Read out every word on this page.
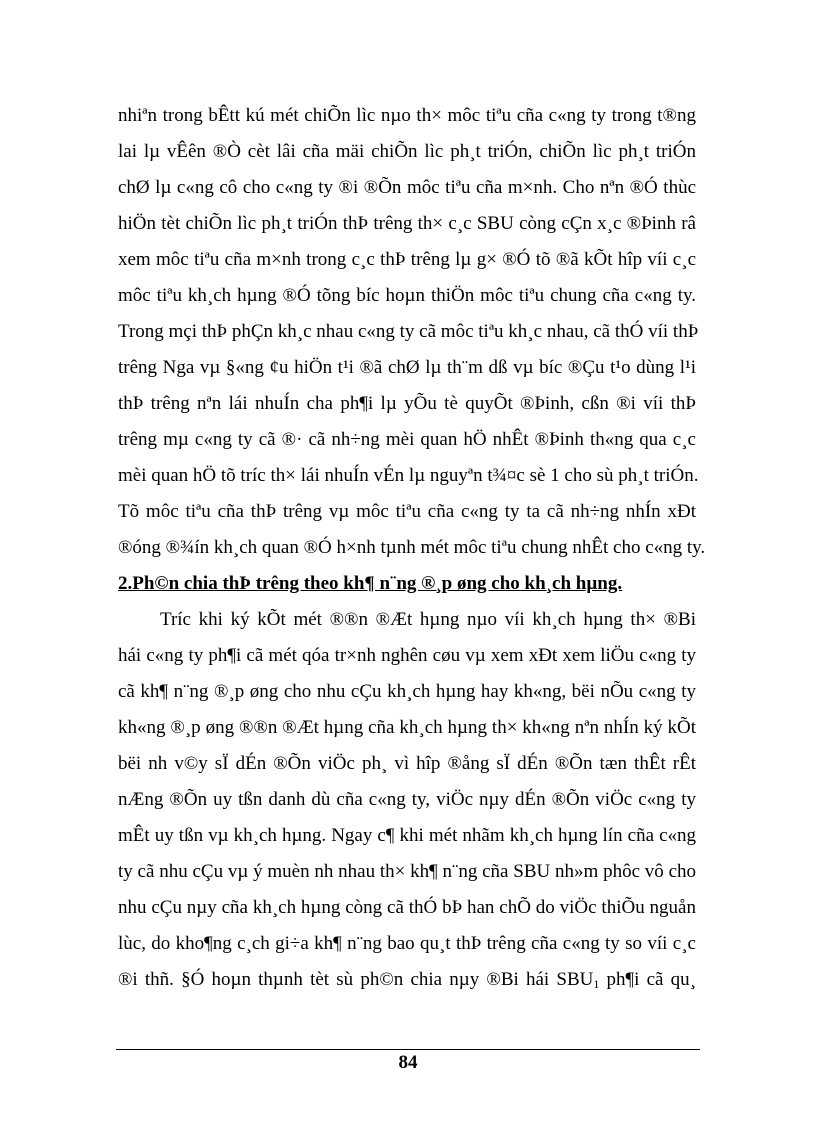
nhiªn trong bÊtt kú mét chiÕn lìc nµo th× môc tiªu cña c«ng ty trong t®ng
lai lµ vÊên ®Ò cèt lâi cña mäi chiÕn lìc ph¸t triÓn, chiÕn lìc ph¸t triÓn
chØ lµ c«ng cô cho c«ng ty ®i ®Õn môc tiªu cña m×nh. Cho nªn ®Ó thùc
hiÖn tèt chiÕn lìc ph¸t triÓn thÞ trêng th× c¸c SBU còng cÇn x¸c ®Þinh râ
xem môc tiªu cña m×nh trong c¸c thÞ trêng lµ g× ®Ó tõ ®ã kÕt hîp víi c¸c
môc tiªu kh¸ch hµng ®Ó tõng bíc hoµn thiÖn môc tiªu chung cña c«ng ty.
Trong mçi thÞ phÇn kh¸c nhau c«ng ty cã môc tiªu kh¸c nhau, cã thÓ víi thÞ
trêng Nga vµ §«ng ¢u hiÖn t¹i ®ã chØ lµ th¨m dß vµ bíc ®Çu t¹o dùng l¹i
thÞ trêng nªn lái nhuÍn cha ph¶i lµ yÕu tè quyÕt ®Þinh, cßn ®i víi thÞ
trêng mµ c«ng ty cã ®· cã nh÷ng mèi quan hÖ nhÊt ®Þinh th«ng qua c¸c
mèi quan hÖ tõ tríc th× lái nhuÍn vÉn lµ nguyªn t¾¤c sè 1 cho sù ph¸t triÓn.
Tõ môc tiªu cña thÞ trêng vµ môc tiªu cña c«ng ty ta cã nh÷ng nhÍn xÐt
®óng ®¾ín kh¸ch quan ®Ó h×nh tµnh mét môc tiªu chung nhÊt cho c«ng ty.
2.Ph©n chia thÞ trêng theo kh¶ n¨ng ®¸p øng cho kh¸ch hµng.
Tríc khi ký kÕt mét ®®n ®Æt hµng nµo víi kh¸ch hµng th× ®Bi
hái c«ng ty ph¶i cã mét qóa tr×nh nghên cøu vµ xem xÐt xem liÖu c«ng ty
cã kh¶ n¨ng ®¸p øng cho nhu cÇu kh¸ch hµng hay kh«ng, bëi nÕu c«ng ty
kh«ng ®¸p øng ®®n ®Æt hµng cña kh¸ch hµng th× kh«ng nªn nhÍn ký kÕt
bëi nh v©y sÏ dÉn ®Õn viÖc ph¸ vì hîp ®ång sÏ dÉn ®Õn tæn thÊt rÊt
nÆng ®Õn uy tßn danh dù cña c«ng ty, viÖc nµy dÉn ®Õn viÖc c«ng ty
mÊt uy tßn vµ kh¸ch hµng. Ngay c¶ khi mét nhãm kh¸ch hµng lín cña c«ng
ty cã nhu cÇu vµ ý muèn nh nhau th× kh¶ n¨ng cña SBU nh»m phôc vô cho
nhu cÇu nµy cña kh¸ch hµng còng cã thÓ bÞ han chÕ do viÖc thiÕu nguån
lùc, do kho¶ng c¸ch gi÷a kh¶ n¨ng bao qu¸t thÞ trêng cña c«ng ty so víi c¸c
®i thñ. §Ó hoµn thµnh tèt sù ph©n chia nµy ®Bi hái $SBU_1$ ph¶i cã qu¸
84
